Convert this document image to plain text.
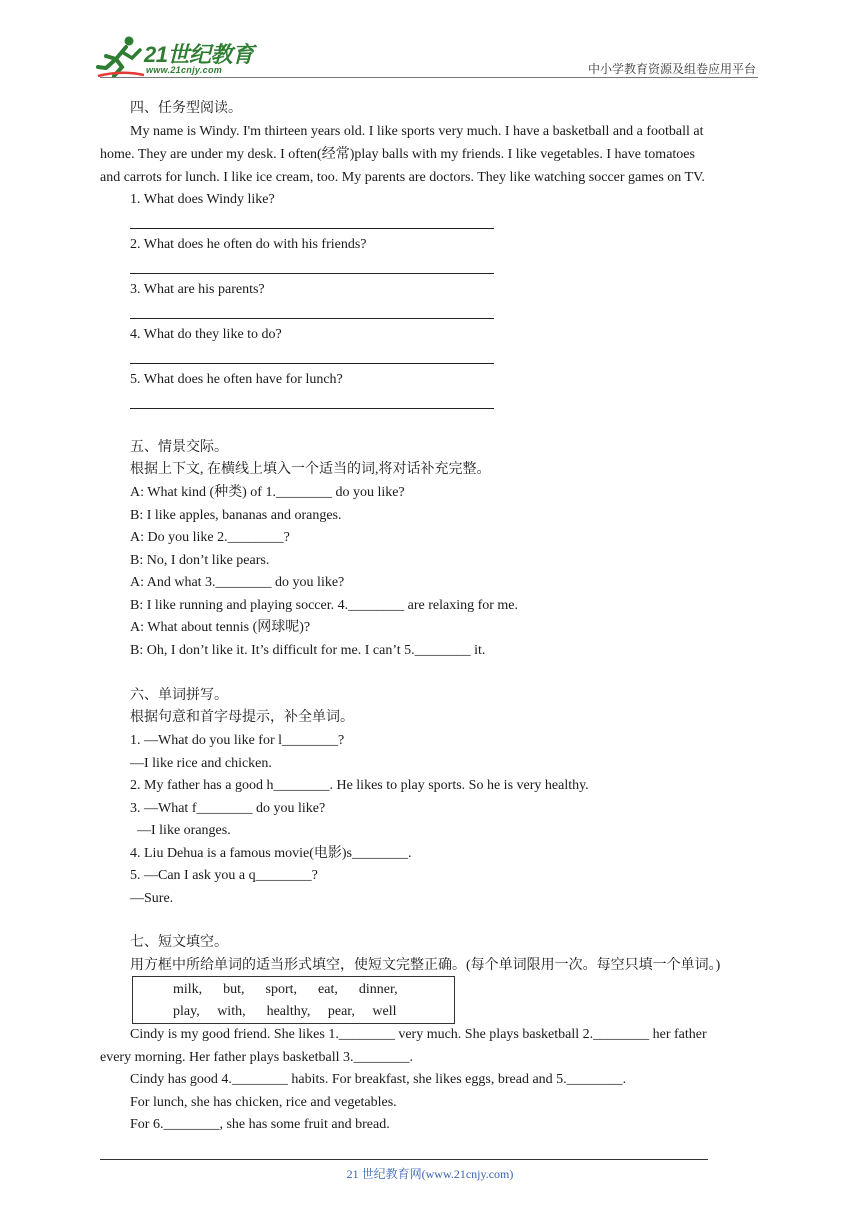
21世纪教育
www.21cnjy.com	中小学教育资源及组卷应用平台
四、任务型阅读。
My name is Windy. I'm thirteen years old. I like sports very much. I have a basketball and a football at
home. They are under my desk. I often(经常)play balls with my friends. I like vegetables. I have tomatoes
and carrots for lunch. I like ice cream, too. My parents are doctors. They like watching soccer games on TV.
1. What does Windy like?
2. What does he often do with his friends?
3. What are his parents?
4. What do they like to do?
5. What does he often have for lunch?
五、情景交际。
根据上下文, 在横线上填入一个适当的词,将对话补充完整。
A: What kind (种类) of 1.________ do you like?
B: I like apples, bananas and oranges.
A: Do you like 2.________?
B: No, I don’t like pears.
A: And what 3.________ do you like?
B: I like running and playing soccer. 4.________ are relaxing for me.
A: What about tennis (网球呢)?
B: Oh, I don’t like it. It’s difficult for me. I can’t 5.________ it.
六、单词拼写。
根据句意和首字母提示，补全单词。
1. —What do you like for l________?
—I like rice and chicken.
2. My father has a good h________. He likes to play sports. So he is very healthy.
3. —What f________ do you like?
—I like oranges.
4. Liu Dehua is a famous movie(电影)s________.
5. —Can I ask you a q________?
—Sure.
七、短文填空。
用方框中所给单词的适当形式填空，使短文完整正确。(每个单词限用一次。每空只填一个单词。)
milk,      but,      sport,      eat,      dinner,
play,     with,      healthy,     pear,     well
Cindy is my good friend. She likes 1.________ very much. She plays basketball 2.________ her father
every morning. Her father plays basketball 3.________.
Cindy has good 4.________ habits. For breakfast, she likes eggs, bread and 5.________.
For lunch, she has chicken, rice and vegetables.
For 6.________, she has some fruit and bread.
21 世纪教育网(www.21cnjy.com)
